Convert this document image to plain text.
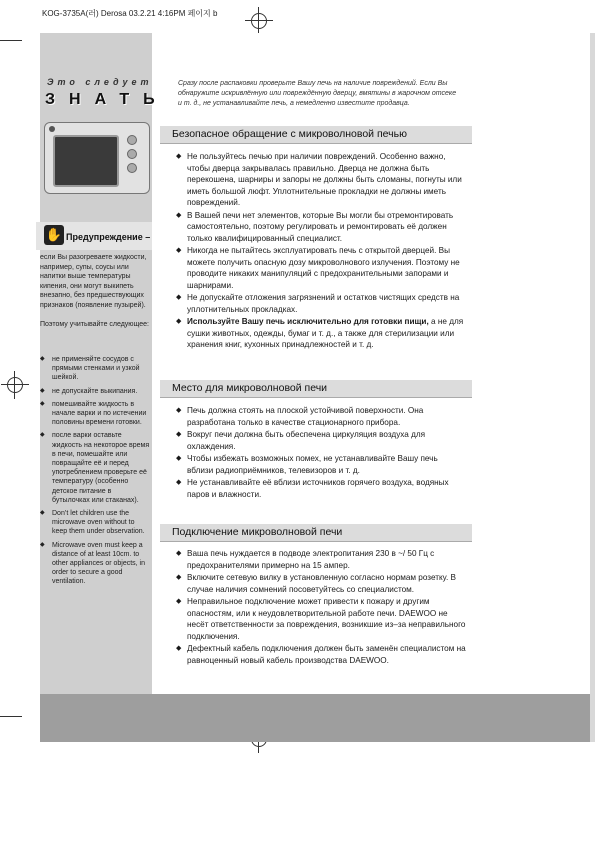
KOG-3735A(러) Derosa 03.2.21 4:16PM 페이지 b
Это следует
ЗНАТЬ
✋ Предупреждение –
если Вы разогреваете жидкости, например, супы, соусы или напитки выше температуры кипения, они могут выкипеть внезапно, без предшествующих признаков (появление пузырей).
Поэтому учитывайте следующее:
◆ не применяйте сосудов с прямыми стенками и узкой шейкой.
◆ не допускайте выкипания.
◆ помешивайте жидкость в начале варки и по истечении половины времени готовки.
◆ после варки оставьте жидкость на некоторое время в печи, помешайте или повращайте её и перед употреблением проверьте её температуру (особенно детское питание в бутылочках или стаканах).
◆ Don’t let children use the microwave oven without to keep them under observation.
◆ Microwave oven must keep a distance of at least 10cm. to other appliances or objects, in order to secure a good ventilation.
Сразу после распаковки проверьте Вашу печь на наличие повреждений. Если Вы обнаружите искривлённую или повреждённую дверцу, вмятины в жарочном отсеке и т. д., не устанавливайте печь, а немедленно известите продавца.
Безопасное обращение с микроволновой печью
◆ Не пользуйтесь печью при наличии повреждений. Особенно важно, чтобы дверца закрывалась правильно. Дверца не должна быть перекошена, шарниры и запоры не должны быть сломаны, погнуты или иметь большой люфт. Уплотнительные прокладки не должны иметь повреждений.
◆ В Вашей печи нет элементов, которые Вы могли бы отремонтировать самостоятельно, поэтому регулировать и ремонтировать её должен только квалифицированный специалист.
◆ Никогда не пытайтесь эксплуатировать печь с открытой дверцей. Вы можете получить опасную дозу микроволнового излучения. Поэтому не проводите никаких манипуляций с предохранительными запорами и шарнирами.
◆ Не допускайте отложения загрязнений и остатков чистящих средств на уплотнительных прокладках.
◆ Используйте Вашу печь исключительно для готовки пищи, а не для сушки животных, одежды, бумаг и т. д., а также для стерилизации или хранения книг, кухонных принадлежностей и т. д.
Место для микроволновой печи
◆ Печь должна стоять на плоской устойчивой поверхности. Она разработана только в качестве стационарного прибора.
◆ Вокруг печи должна быть обеспечена циркуляция воздуха для охлаждения.
◆ Чтобы избежать возможных помех, не устанавливайте Вашу печь вблизи радиоприёмников, телевизоров и т. д.
◆ Не устанавливайте её вблизи источников горячего воздуха, водяных паров и влажности.
Подключение микроволновой печи
◆ Ваша печь нуждается в подводе электропитания 230 в ~/ 50 Гц с предохранителями примерно на 15 ампер.
◆ Включите сетевую вилку в установленную согласно нормам розетку. В случае наличия сомнений посоветуйтесь со специалистом.
◆ Неправильное подключение может привести к пожару и другим опасностям, или к неудовлетворительной работе печи. DAEWOO не несёт ответственности за повреждения, возникшие из–за неправильного подключения.
◆ Дефектный кабель подключения должен быть заменён специалистом на равноценный новый кабель производства DAEWOO.
